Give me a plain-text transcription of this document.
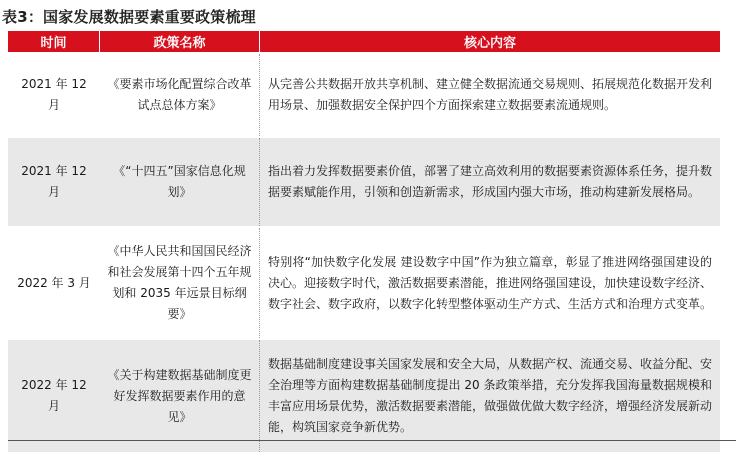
表3：国家发展数据要素重要政策梳理
时间	政策名称	核心内容
2021 年 12 月	《要素市场化配置综合改革试点总体方案》	从完善公共数据开放共享机制、建立健全数据流通交易规则、拓展规范化数据开发利用场景、加强数据安全保护四个方面探索建立数据要素流通规则。
2021 年 12 月	《“十四五”国家信息化规划》	指出着力发挥数据要素价值，部署了建立高效利用的数据要素资源体系任务，提升数据要素赋能作用，引领和创造新需求，形成国内强大市场，推动构建新发展格局。
2022 年 3 月	《中华人民共和国国民经济和社会发展第十四个五年规划和 2035 年远景目标纲要》	特别将“加快数字化发展 建设数字中国”作为独立篇章，彰显了推进网络强国建设的决心。迎接数字时代，激活数据要素潜能，推进网络强国建设，加快建设数字经济、数字社会、数字政府，以数字化转型整体驱动生产方式、生活方式和治理方式变革。
2022 年 12 月	《关于构建数据基础制度更好发挥数据要素作用的意见》	数据基础制度建设事关国家发展和安全大局，从数据产权、流通交易、收益分配、安全治理等方面构建数据基础制度提出 20 条政策举措，充分发挥我国海量数据规模和丰富应用场景优势，激活数据要素潜能，做强做优做大数字经济，增强经济发展新动能，构筑国家竞争新优势。
